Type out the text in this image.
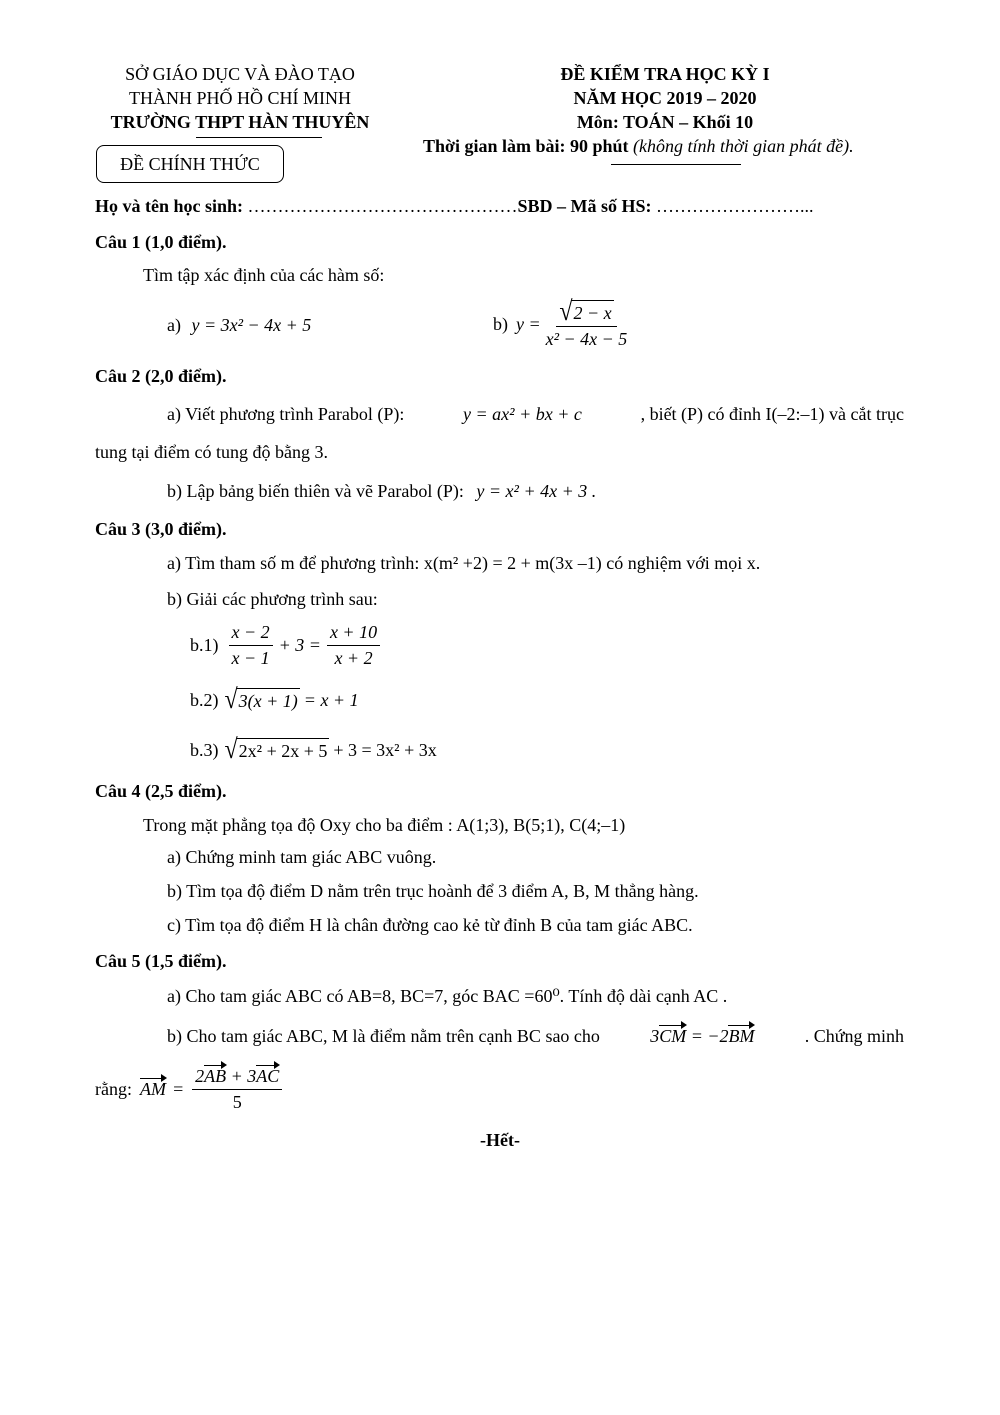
SỞ GIÁO DỤC VÀ ĐÀO TẠO
THÀNH PHỐ HỒ CHÍ MINH
TRƯỜNG THPT HÀN THUYÊN
ĐỀ CHÍNH THỨC
ĐỀ KIỂM TRA HỌC KỲ I
NĂM HỌC 2019 – 2020
Môn: TOÁN – Khối 10
Thời gian làm bài: 90 phút (không tính thời gian phát đề).
Họ và tên học sinh: ………………………………………SBD – Mã số HS: ……………………...
Câu 1 (1,0 điểm).
Tìm tập xác định của các hàm số:
a) y = 3x² − 4x + 5	b) $y = \frac{√ 2 - x}{\text{x² − 4x − 5}}$
Câu 2 (2,0 điểm).
a) Viết phương trình Parabol (P):	y = ax² + bx + c	, biết (P) có đỉnh I(–2:–1) và cắt trục
tung tại điểm có tung độ bằng 3.
b) Lập bảng biến thiên và vẽ Parabol (P): y = x² + 4x + 3 .
Câu 3 (3,0 điểm).
a) Tìm tham số m để phương trình: x(m² +2) = 2 + m(3x –1) có nghiệm với mọi x.
b) Giải các phương trình sau:
$b.1) \frac{x - 2}{x - 1} + 3 = \frac{x + 10}{x + 2}$
b.2) √ 3(x + 1) = x + 1
b.3) √ 2x² + 2x + 5 + 3 = 3x² + 3x
Câu 4 (2,5 điểm).
Trong mặt phẳng tọa độ Oxy cho ba điểm : A(1;3), B(5;1), C(4;–1)
a) Chứng minh tam giác ABC vuông.
b) Tìm tọa độ điểm D nằm trên trục hoành để 3 điểm A, B, M thẳng hàng.
c) Tìm tọa độ điểm H là chân đường cao kẻ từ đỉnh B của tam giác ABC.
Câu 5 (1,5 điểm).
a) Cho tam giác ABC có AB=8, BC=7, góc BAC =60⁰. Tính độ dài cạnh AC .
b) Cho tam giác ABC, M là điểm nằm trên cạnh BC sao cho	3CM = −2BM	. Chứng minh
rằng: AM = $\frac{2AB + 3AC}{5}$
-Hết-
